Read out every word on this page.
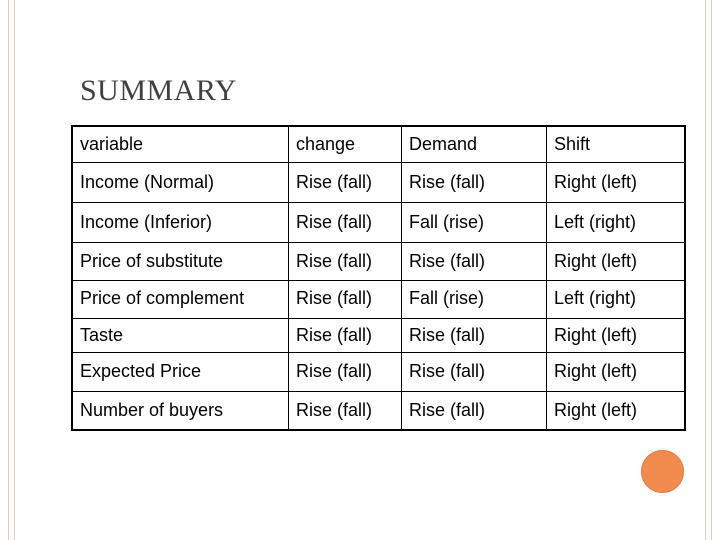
SUMMARY
variable	change	Demand	Shift
Income (Normal)	Rise (fall)	Rise (fall)	Right (left)
Income (Inferior)	Rise (fall)	Fall (rise)	Left (right)
Price of substitute	Rise (fall)	Rise (fall)	Right (left)
Price of complement	Rise (fall)	Fall (rise)	Left (right)
Taste	Rise (fall)	Rise (fall)	Right (left)
Expected Price	Rise (fall)	Rise (fall)	Right (left)
Number of buyers	Rise (fall)	Rise (fall)	Right (left)
